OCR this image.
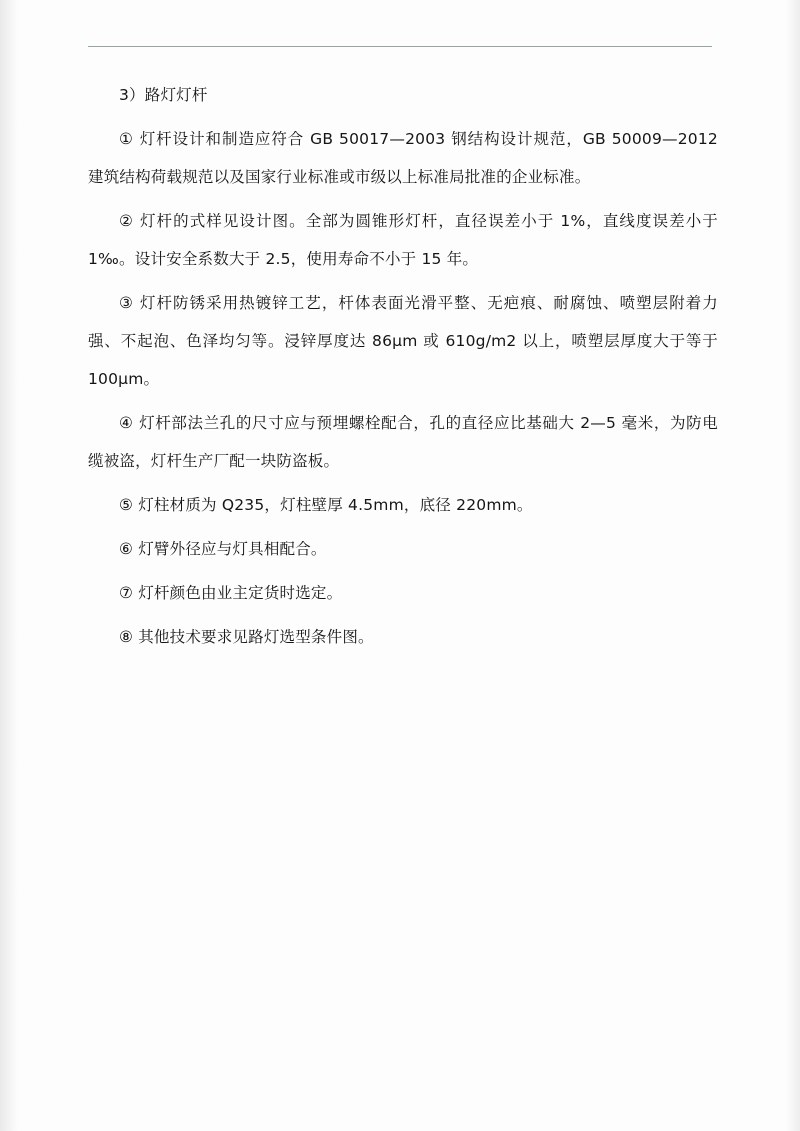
3）路灯灯杆

① 灯杆设计和制造应符合 GB 50017—2003 钢结构设计规范，GB 50009—2012 建筑结构荷载规范以及国家行业标准或市级以上标准局批准的企业标准。

② 灯杆的式样见设计图。全部为圆锥形灯杆，直径误差小于 1%，直线度误差小于 1‰。设计安全系数大于 2.5，使用寿命不小于 15 年。

③ 灯杆防锈采用热镀锌工艺，杆体表面光滑平整、无疤痕、耐腐蚀、喷塑层附着力强、不起泡、色泽均匀等。浸锌厚度达 86μm 或 610g/m2 以上，喷塑层厚度大于等于 100μm。

④ 灯杆部法兰孔的尺寸应与预埋螺栓配合，孔的直径应比基础大 2—5 毫米，为防电缆被盗，灯杆生产厂配一块防盗板。

⑤ 灯柱材质为 Q235，灯柱壁厚 4.5mm，底径 220mm。

⑥ 灯臂外径应与灯具相配合。

⑦ 灯杆颜色由业主定货时选定。

⑧ 其他技术要求见路灯选型条件图。
